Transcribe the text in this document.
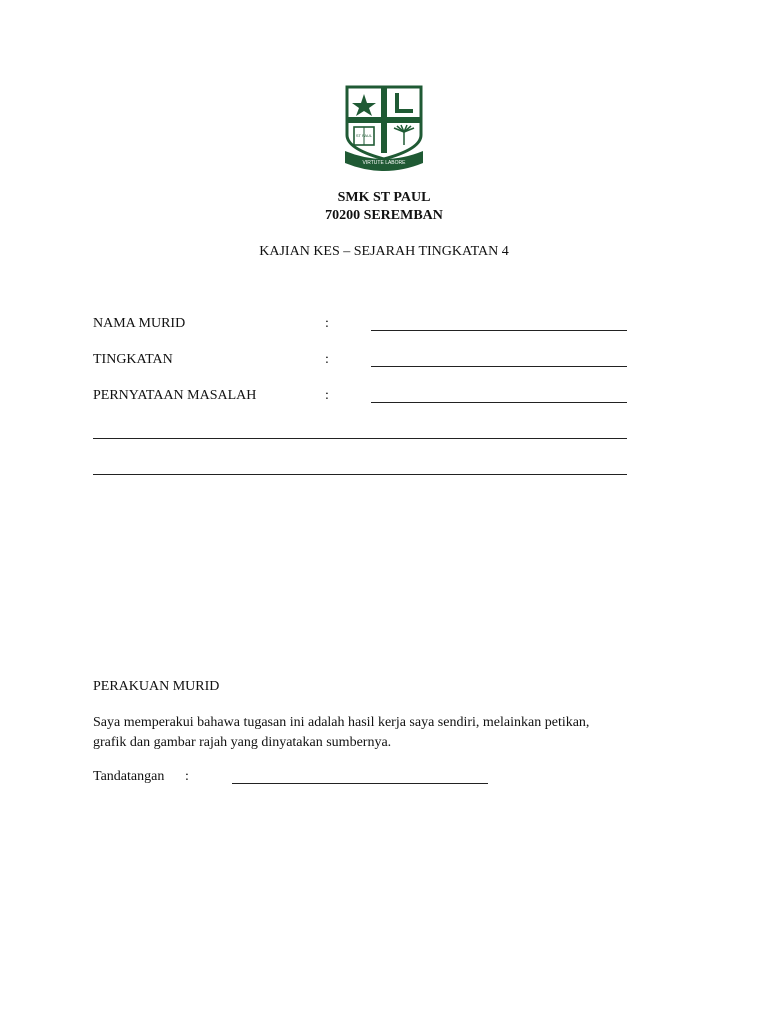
ST PAUL
VIRTUTE LABORE
SMK ST PAUL
70200 SEREMBAN
KAJIAN KES – SEJARAH TINGKATAN 4
NAMA MURID	:
TINGKATAN	:
PERNYATAAN MASALAH	:
PERAKUAN MURID
Saya memperakui bahawa tugasan ini adalah hasil kerja saya sendiri, melainkan petikan,
grafik dan gambar rajah yang dinyatakan sumbernya.
Tandatangan :
